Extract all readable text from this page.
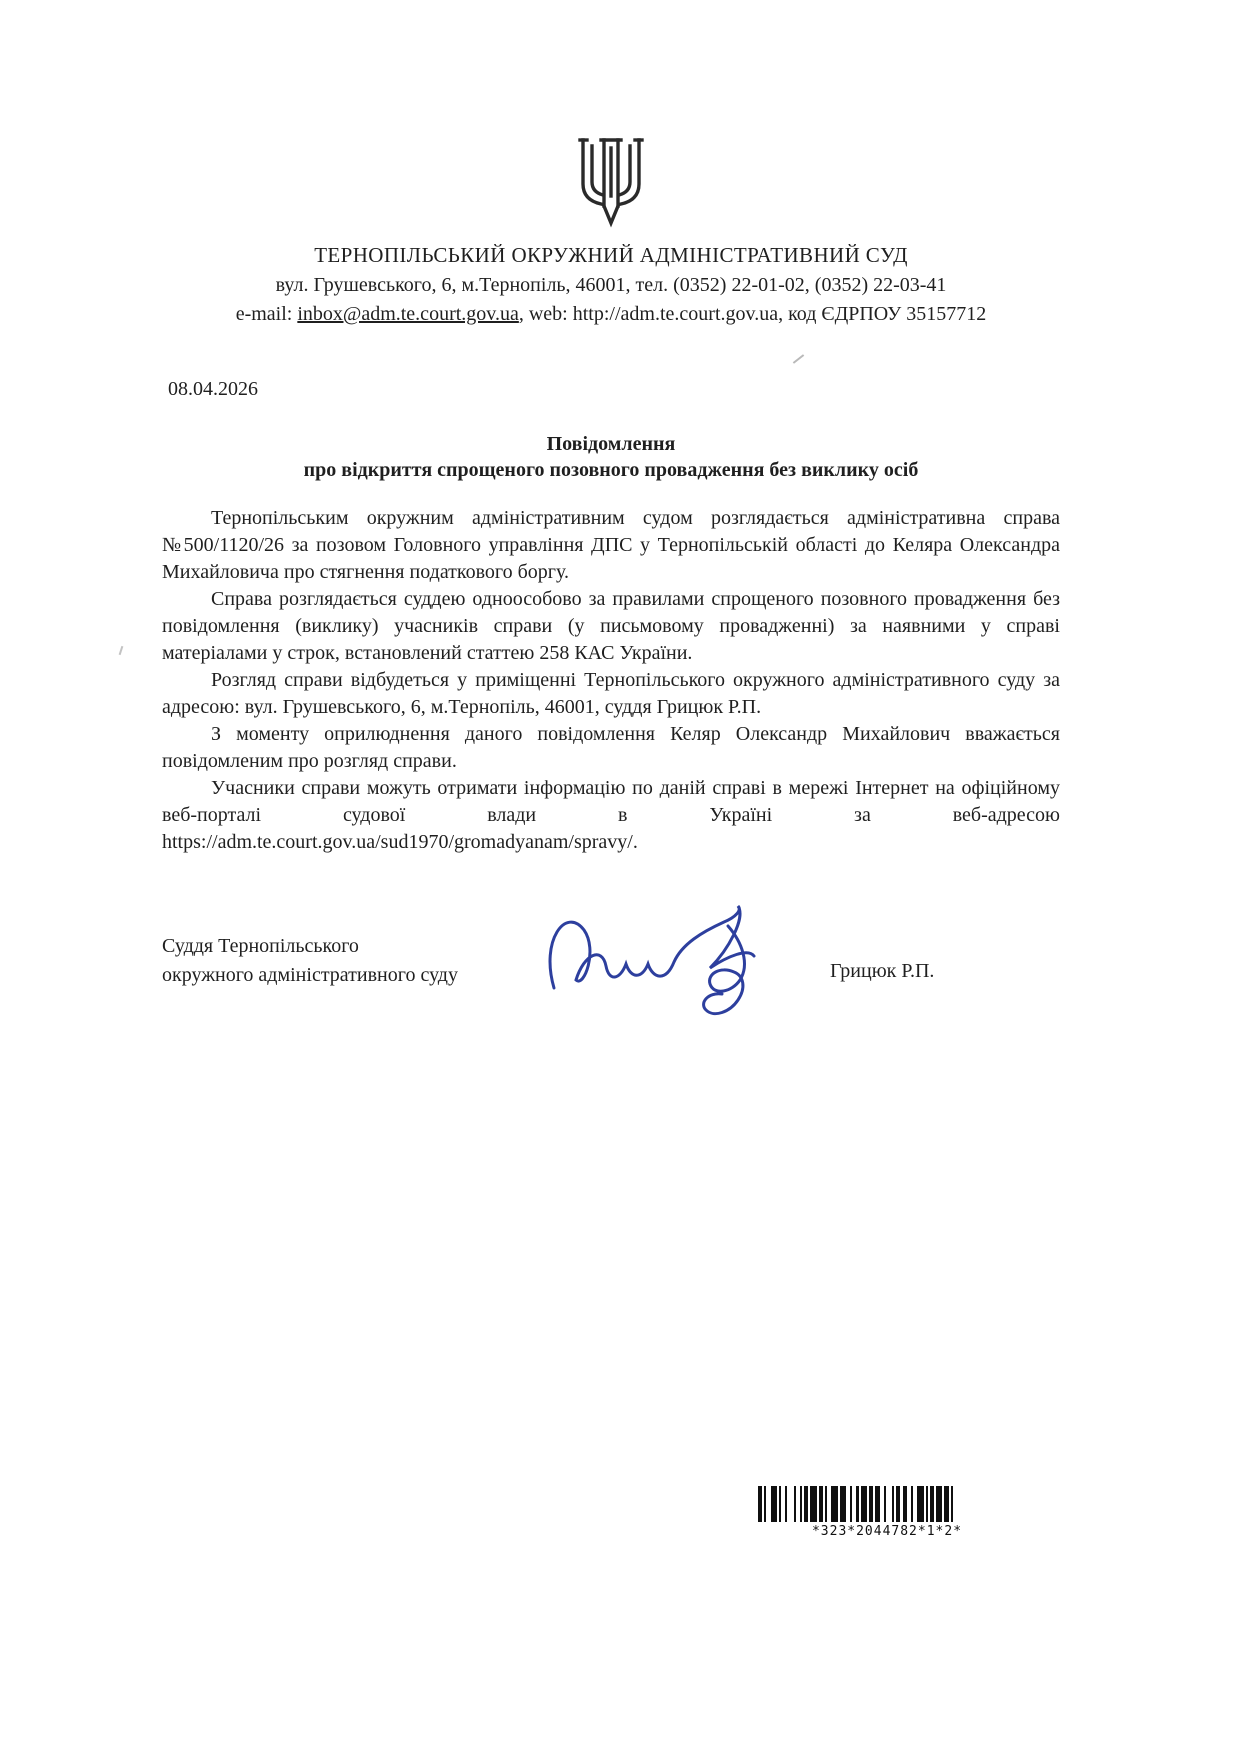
ТЕРНОПІЛЬСЬКИЙ ОКРУЖНИЙ АДМІНІСТРАТИВНИЙ СУД
вул. Грушевського, 6, м.Тернопіль, 46001, тел. (0352) 22-01-02, (0352) 22-03-41
e-mail: inbox@adm.te.court.gov.ua, web: http://adm.te.court.gov.ua, код ЄДРПОУ 35157712
08.04.2026
Повідомлення
про відкриття спрощеного позовного провадження без виклику осіб

Тернопільським окружним адміністративним судом розглядається адміністративна справа №500/1120/26 за позовом Головного управління ДПС у Тернопільській області до Келяра Олександра Михайловича про стягнення податкового боргу.

Справа розглядається суддею одноособово за правилами спрощеного позовного провадження без повідомлення (виклику) учасників справи (у письмовому провадженні) за наявними у справі матеріалами у строк, встановлений статтею 258 КАС України.

Розгляд справи відбудеться у приміщенні Тернопільського окружного адміністративного суду за адресою: вул. Грушевського, 6, м.Тернопіль, 46001, суддя Грицюк Р.П.

З моменту оприлюднення даного повідомлення Келяр Олександр Михайлович вважається повідомленим про розгляд справи.

Учасники справи можуть отримати інформацію по даній справі в мережі Інтернет на офіційному веб-порталі судової влади в Україні за веб-адресою https://adm.te.court.gov.ua/sud1970/gromadyanam/spravy/.

Суддя Тернопільського
окружного адміністративного суду	Грицюк Р.П.
*323*2044782*1*2*
